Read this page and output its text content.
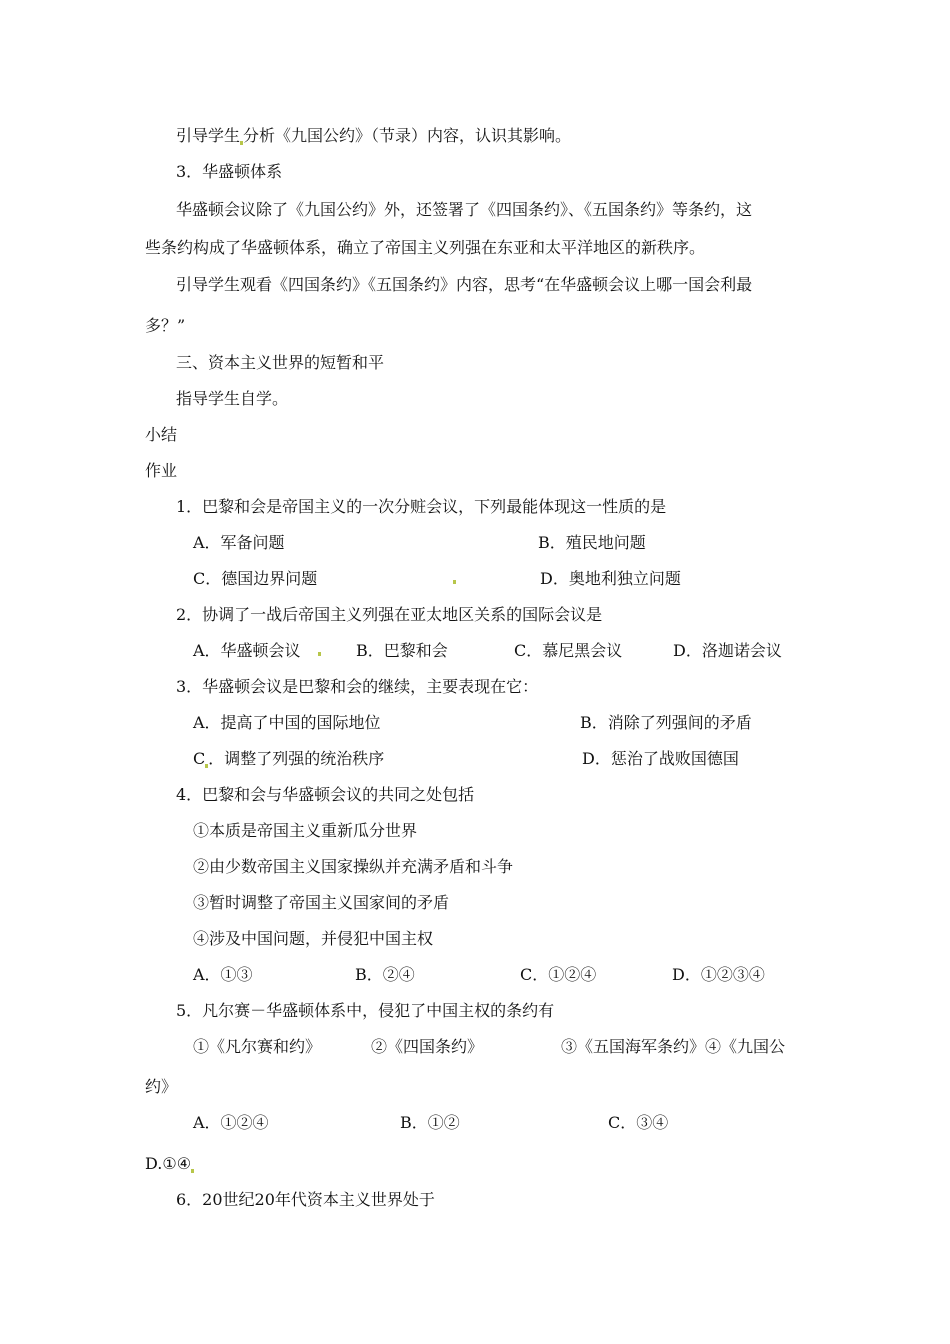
引导学生 分析《九国公约》（节录）内容，认识其影响。
3．华盛顿体系
华盛顿会议除了《九国公约》外，还签署了《四国条约》、《五国条约》等条约，这
些条约构成了华盛顿体系，确立了帝国主义列强在东亚和太平洋地区的新秩序。
引导学生观看《四国条约》《五国条约》内容，思考“在华盛顿会议上哪一国会利最
多？”
三、资本主义世界的短暂和平
指导学生自学。
小结
作业
1．巴黎和会是帝国主义的一次分赃会议，下列最能体现这一性质的是
A．军备问题	B．殖民地问题
C．德国边界问题	D．奥地利独立问题
2．协调了一战后帝国主义列强在亚太地区关系的国际会议是
A．华盛顿会议	B．巴黎和会	C．慕尼黑会议	D．洛迦诺会议
3．华盛顿会议是巴黎和会的继续，主要表现在它：
A．提高了中国的国际地位	B．消除了列强间的矛盾
C ．调整了列强的统治秩序	D．惩治了战败国德国
4．巴黎和会与华盛顿会议的共同之处包括
①本质是帝国主义重新瓜分世界
②由少数帝国主义国家操纵并充满矛盾和斗争
③暂时调整了帝国主义国家间的矛盾
④涉及中国问题，并侵犯中国主权
A．①③	B．②④	C．①②④	D．①②③④
5．凡尔赛－华盛顿体系中，侵犯了中国主权的条约有
①《凡尔赛和约》	②《四国条约》	③《五国海军条约》④《九国公
约》
A．①②④	B．①②	C．③④
D.①④
6．20世纪20年代资本主义世界处于
